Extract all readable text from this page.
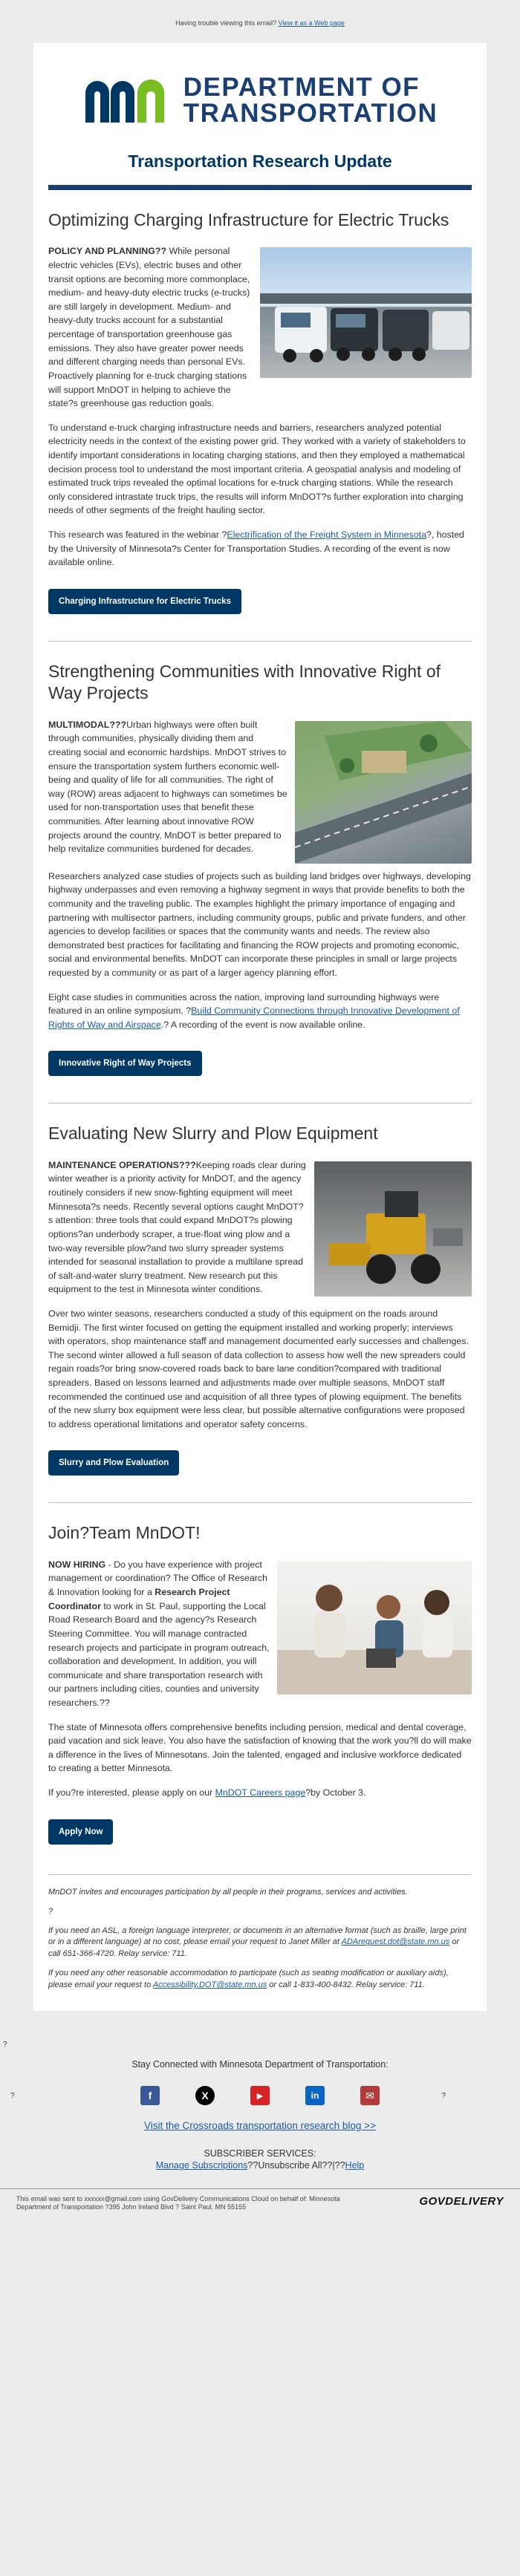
Having trouble viewing this email? View it as a Web page
DEPARTMENT OF
TRANSPORTATION
Transportation Research Update
Optimizing Charging Infrastructure for Electric Trucks

POLICY AND PLANNING?? While personal electric vehicles (EVs), electric buses and other transit options are becoming more commonplace, medium- and heavy-duty electric trucks (e-trucks) are still largely in development. Medium- and heavy-duty trucks account for a substantial percentage of transportation greenhouse gas emissions. They also have greater power needs and different charging needs than personal EVs. Proactively planning for e-truck charging stations will support MnDOT in helping to achieve the state?s greenhouse gas reduction goals.

To understand e-truck charging infrastructure needs and barriers, researchers analyzed potential electricity needs in the context of the existing power grid. They worked with a variety of stakeholders to identify important considerations in locating charging stations, and then they employed a mathematical decision process tool to understand the most important criteria. A geospatial analysis and modeling of estimated truck trips revealed the optimal locations for e-truck charging stations. While the research only considered intrastate truck trips, the results will inform MnDOT?s further exploration into charging needs of other segments of the freight hauling sector.

This research was featured in the webinar ?Electrification of the Freight System in Minnesota?, hosted by the University of Minnesota?s Center for Transportation Studies. A recording of the event is now available online.

Charging Infrastructure for Electric Trucks
Strengthening Communities with Innovative Right of Way Projects

MULTIMODAL???Urban highways were often built through communities, physically dividing them and creating social and economic hardships. MnDOT strives to ensure the transportation system furthers economic well-being and quality of life for all communities. The right of way (ROW) areas adjacent to highways can sometimes be used for non-transportation uses that benefit these communities. After learning about innovative ROW projects around the country, MnDOT is better prepared to help revitalize communities burdened for decades.

Researchers analyzed case studies of projects such as building land bridges over highways, developing highway underpasses and even removing a highway segment in ways that provide benefits to both the community and the traveling public. The examples highlight the primary importance of engaging and partnering with multisector partners, including community groups, public and private funders, and other agencies to develop facilities or spaces that the community wants and needs. The review also demonstrated best practices for facilitating and financing the ROW projects and promoting economic, social and environmental benefits. MnDOT can incorporate these principles in small or large projects requested by a community or as part of a larger agency planning effort.

Eight case studies in communities across the nation, improving land surrounding highways were featured in an online symposium, ?Build Community Connections through Innovative Development of Rights of Way and Airspace.? A recording of the event is now available online.

Innovative Right of Way Projects
Evaluating New Slurry and Plow Equipment

MAINTENANCE OPERATIONS???Keeping roads clear during winter weather is a priority activity for MnDOT, and the agency routinely considers if new snow-fighting equipment will meet Minnesota?s needs. Recently several options caught MnDOT?s attention: three tools that could expand MnDOT?s plowing options?an underbody scraper, a true-float wing plow and a two-way reversible plow?and two slurry spreader systems intended for seasonal installation to provide a multilane spread of salt-and-water slurry treatment. New research put this equipment to the test in Minnesota winter conditions.

Over two winter seasons, researchers conducted a study of this equipment on the roads around Bemidji. The first winter focused on getting the equipment installed and working properly; interviews with operators, shop maintenance staff and management documented early successes and challenges. The second winter allowed a full season of data collection to assess how well the new spreaders could regain roads?or bring snow-covered roads back to bare lane condition?compared with traditional spreaders. Based on lessons learned and adjustments made over multiple seasons, MnDOT staff recommended the continued use and acquisition of all three types of plowing equipment. The benefits of the new slurry box equipment were less clear, but possible alternative configurations were proposed to address operational limitations and operator safety concerns.

Slurry and Plow Evaluation
Join?Team MnDOT!

NOW HIRING - Do you have experience with project management or coordination? The Office of Research & Innovation looking for a Research Project Coordinator to work in St. Paul, supporting the Local Road Research Board and the agency?s Research Steering Committee. You will manage contracted research projects and participate in program outreach, collaboration and development. In addition, you will communicate and share transportation research with our partners including cities, counties and university researchers.??

The state of Minnesota offers comprehensive benefits including pension, medical and dental coverage, paid vacation and sick leave. You also have the satisfaction of knowing that the work you?ll do will make a difference in the lives of Minnesotans. Join the talented, engaged and inclusive workforce dedicated to creating a better Minnesota.

If you?re interested, please apply on our MnDOT Careers page?by October 3.

Apply Now

MnDOT invites and encourages participation by all people in their programs, services and activities.

?

If you need an ASL, a foreign language interpreter, or documents in an alternative format (such as braille, large print or in a different language) at no cost, please email your request to Janet Miller at ADArequest.dot@state.mn.us or call 651-366-4720. Relay service: 711.

If you need any other reasonable accommodation to participate (such as seating modification or auxiliary aids), please email your request to Accessibility.DOT@state.mn.us or call 1-833-400-8432. Relay service: 711.

?
Stay Connected with Minnesota Department of Transportation:
?	f	X	▶	in	✉	?
Visit the Crossroads transportation research blog >>
SUBSCRIBER SERVICES:
Manage Subscriptions??Unsubscribe All??|??Help
This email was sent to xxxxxx@gmail.com using GovDelivery Communications Cloud on behalf of: Minnesota Department of Transportation ?395 John Ireland Blvd ? Saint Paul, MN 55155	GOVDELIVERY
